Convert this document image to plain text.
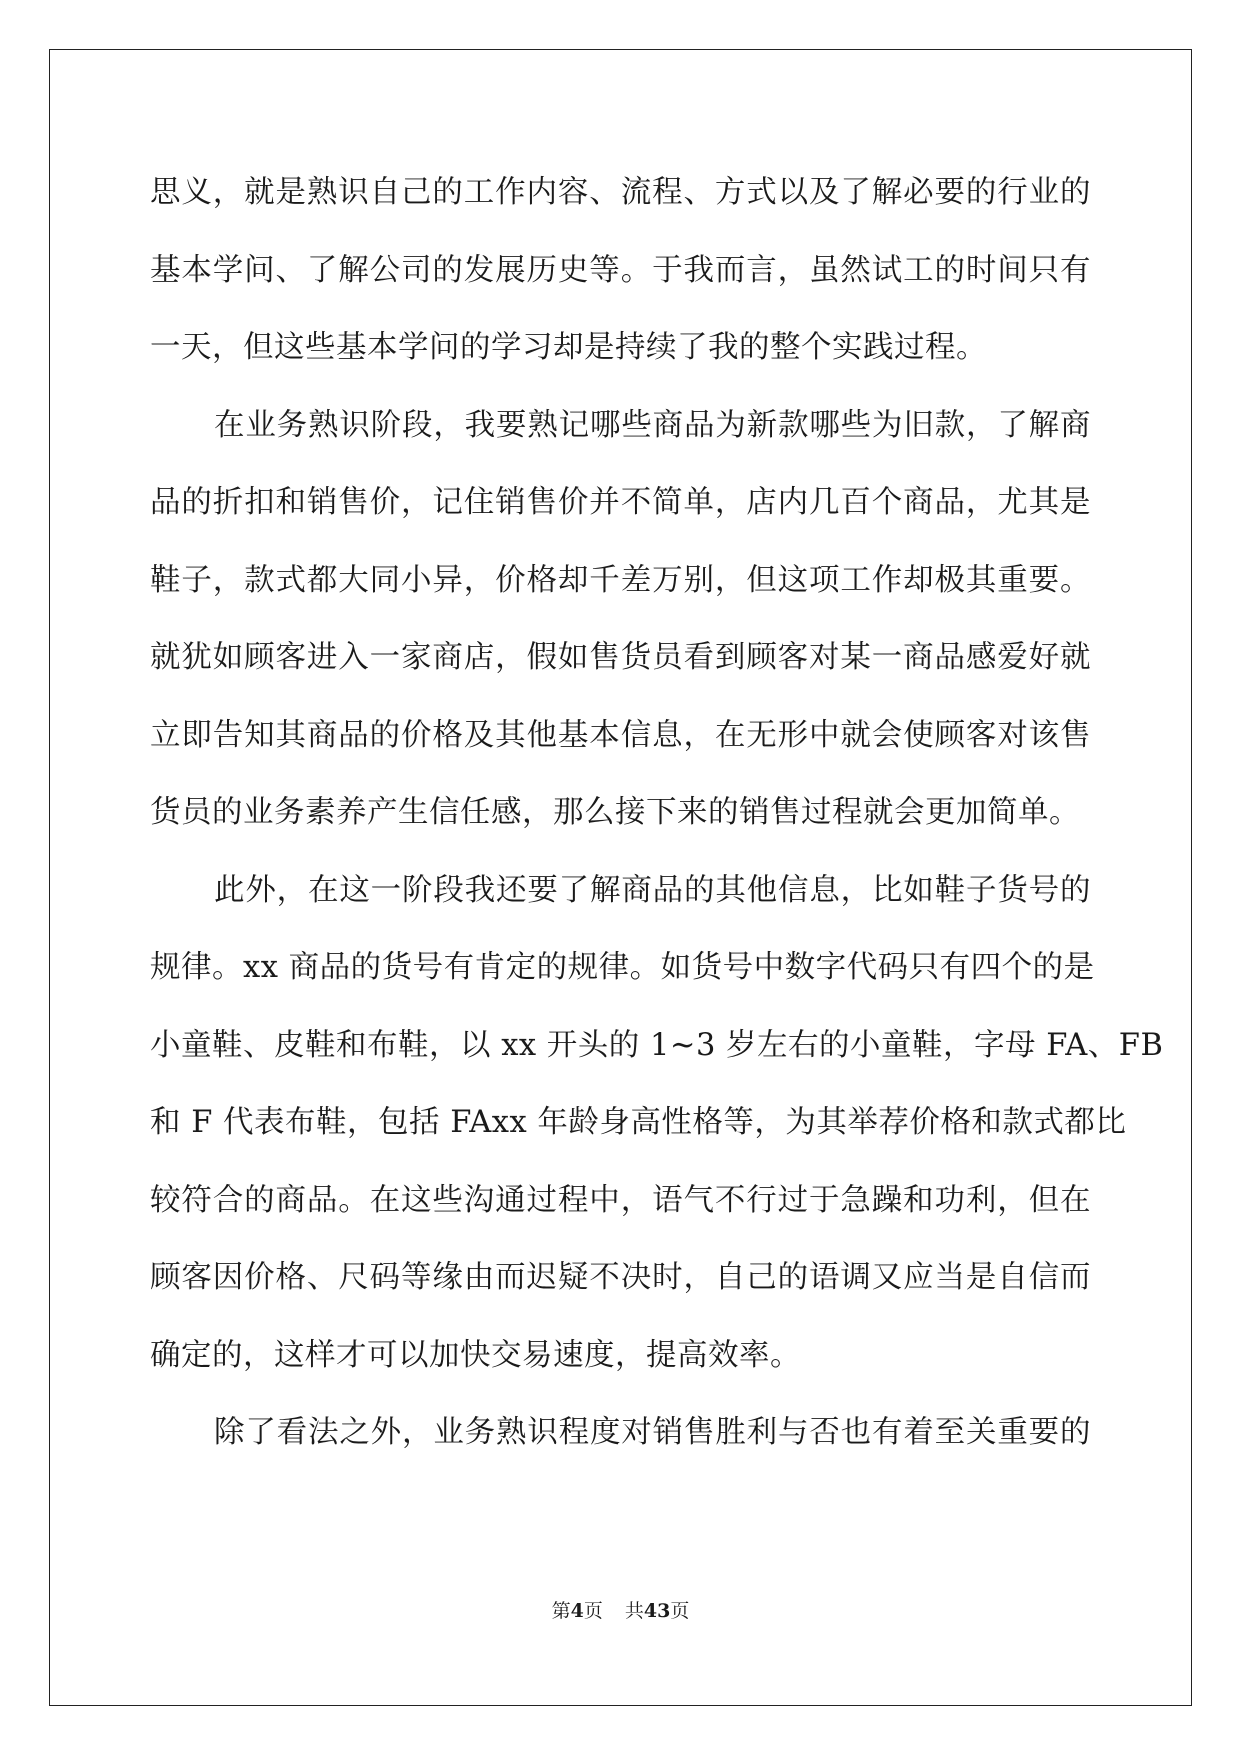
思义，就是熟识自己的工作内容、流程、方式以及了解必要的行业的
基本学问、了解公司的发展历史等。于我而言，虽然试工的时间只有
一天，但这些基本学问的学习却是持续了我的整个实践过程。
在业务熟识阶段，我要熟记哪些商品为新款哪些为旧款，了解商
品的折扣和销售价，记住销售价并不简单，店内几百个商品，尤其是
鞋子，款式都大同小异，价格却千差万别，但这项工作却极其重要。
就犹如顾客进入一家商店，假如售货员看到顾客对某一商品感爱好就
立即告知其商品的价格及其他基本信息，在无形中就会使顾客对该售
货员的业务素养产生信任感，那么接下来的销售过程就会更加简单。
此外，在这一阶段我还要了解商品的其他信息，比如鞋子货号的
规律。xx 商品的货号有肯定的规律。如货号中数字代码只有四个的是
小童鞋、皮鞋和布鞋，以 xx 开头的 1~3 岁左右的小童鞋，字母 FA、FB
和 F 代表布鞋，包括 FAxx 年龄身高性格等，为其举荐价格和款式都比
较符合的商品。在这些沟通过程中，语气不行过于急躁和功利，但在
顾客因价格、尺码等缘由而迟疑不决时，自己的语调又应当是自信而
确定的，这样才可以加快交易速度，提高效率。
除了看法之外，业务熟识程度对销售胜利与否也有着至关重要的
第4页 共43页
